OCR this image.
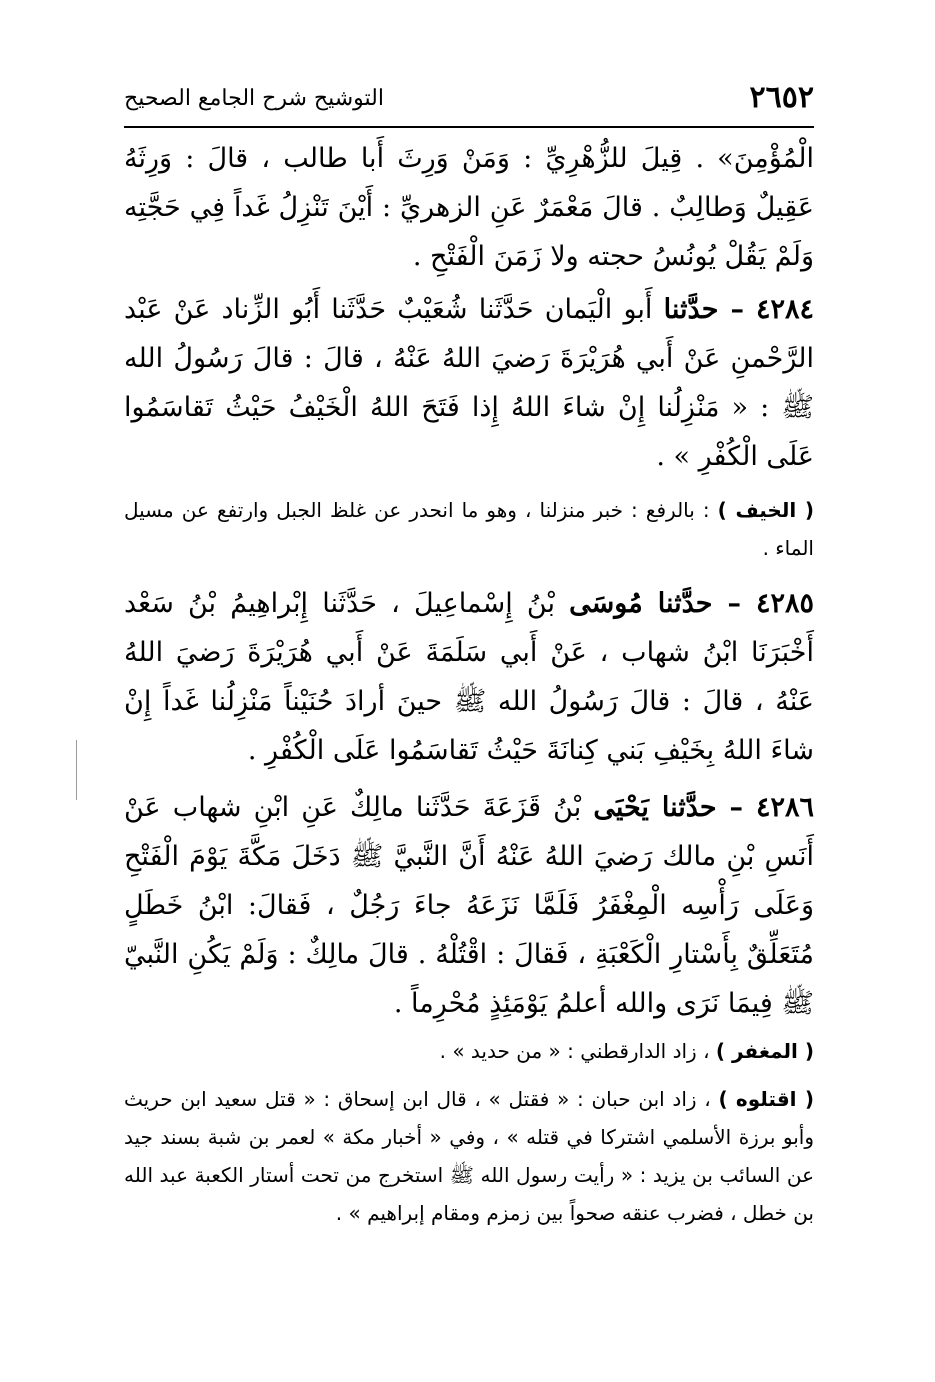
٢٦٥٢
التوشيح شرح الجامع الصحيح

الْمُؤْمِنَ» . قِيلَ للزُّهْرِيِّ : وَمَنْ وَرِثَ أَبا طالب ، قالَ : وَرِثَهُ عَقِيلٌ وَطالِبٌ . قالَ مَعْمَرٌ عَنِ الزهريِّ : أَيْنَ تَنْزِلُ غَداً فِي حَجَّتِه وَلَمْ يَقُلْ يُونُسُ حجته ولا زَمَنَ الْفَتْحِ .

٤٢٨٤ – حدَّثنا أَبو الْيَمان حَدَّثَنا شُعَيْبٌ حَدَّثَنا أَبُو الزِّناد عَنْ عَبْد الرَّحْمنِ عَنْ أَبي هُرَيْرَةَ رَضيَ اللهُ عَنْهُ ، قالَ : قالَ رَسُولُ الله ﷺ : « مَنْزِلُنا إِنْ شاءَ اللهُ إِذا فَتَحَ اللهُ الْخَيْفُ حَيْثُ تَقاسَمُوا عَلَى الْكُفْرِ » .

( الخيف ) : بالرفع : خبر منزلنا ، وهو ما انحدر عن غلظ الجبل وارتفع عن مسيل الماء .

٤٢٨٥ – حدَّثنا مُوسَى بْنُ إِسْماعِيلَ ، حَدَّثَنا إِبْراهِيمُ بْنُ سَعْد أَخْبَرَنَا ابْنُ شهاب ، عَنْ أَبي سَلَمَةَ عَنْ أَبي هُرَيْرَةَ رَضيَ اللهُ عَنْهُ ، قالَ : قالَ رَسُولُ الله ﷺ حينَ أرادَ حُنَيْناً مَنْزِلُنا غَداً إِنْ شاءَ اللهُ بِخَيْفِ بَني كِنانَةَ حَيْثُ تَقاسَمُوا عَلَى الْكُفْرِ .

٤٢٨٦ – حدَّثنا يَحْيَى بْنُ قَزَعَةَ حَدَّثَنا مالِكٌ عَنِ ابْنِ شهاب عَنْ أَنَسِ بْنِ مالك رَضيَ اللهُ عَنْهُ أَنَّ النَّبيَّ ﷺ دَخَلَ مَكَّةَ يَوْمَ الْفَتْحِ وَعَلَى رَأْسِه الْمِغْفَرُ فَلَمَّا نَزَعَهُ جاءَ رَجُلٌ ، فَقالَ: ابْنُ خَطَلٍ مُتَعَلِّقٌ بِأَسْتارِ الْكَعْبَةِ ، فَقالَ : اقْتُلْهُ . قالَ مالِكٌ : وَلَمْ يَكُنِ النَّبيّ ﷺ فِيمَا نَرَى والله أعلمُ يَوْمَئِذٍ مُحْرِماً .

( المغفر ) ، زاد الدارقطني : « من حديد » .

( اقتلوه ) ، زاد ابن حبان : « فقتل » ، قال ابن إسحاق : « قتل سعيد ابن حريث وأبو برزة الأسلمي اشتركا في قتله » ، وفي « أخبار مكة » لعمر بن شبة بسند جيد عن السائب بن يزيد : « رأيت رسول الله ﷺ استخرج من تحت أستار الكعبة عبد الله بن خطل ، فضرب عنقه صحواً بين زمزم ومقام إبراهيم » .
